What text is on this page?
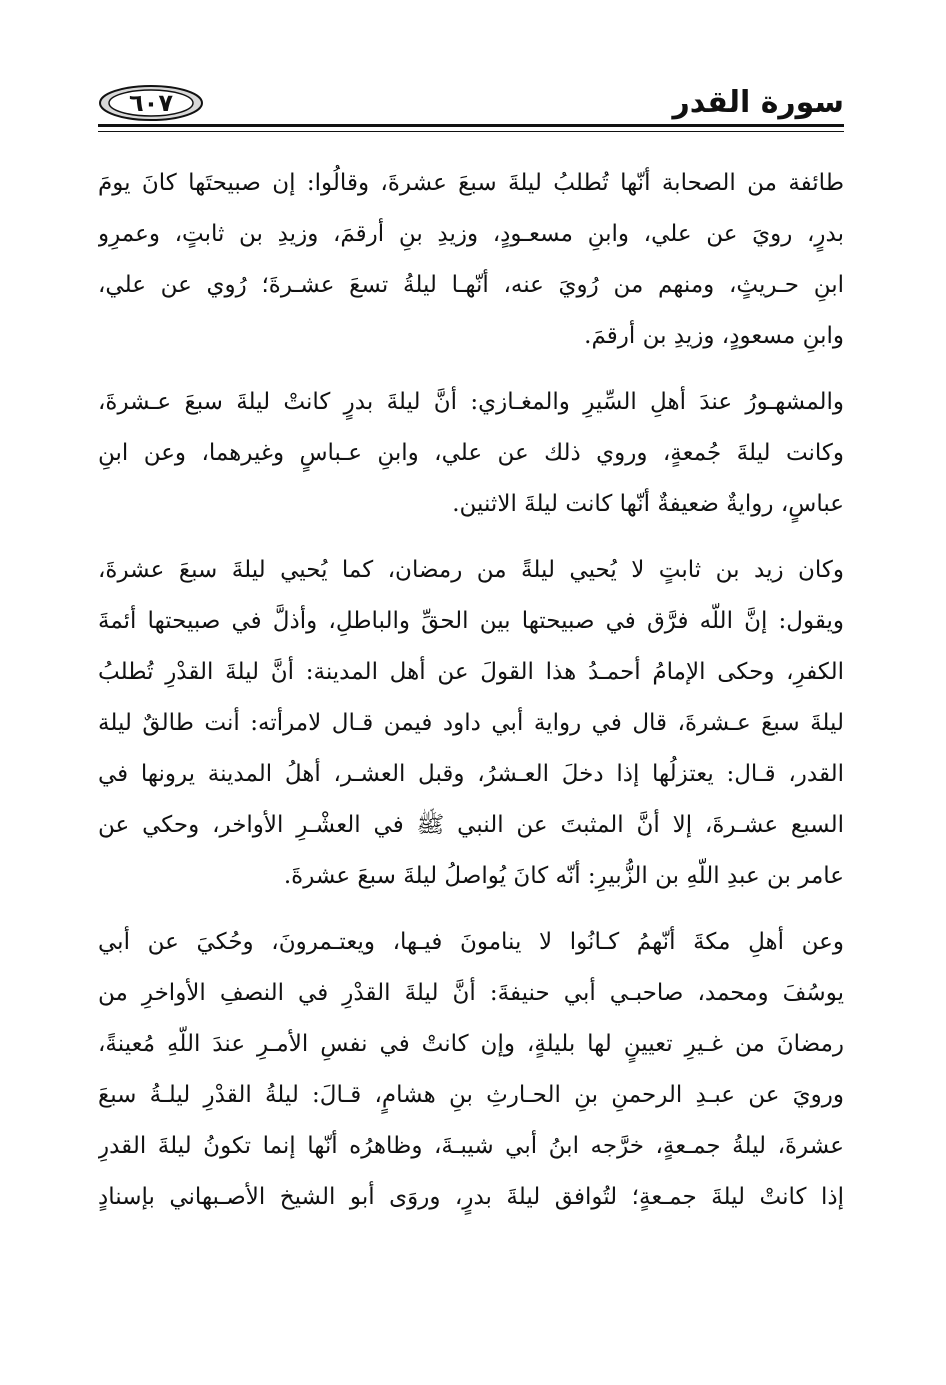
سورة القدر
٦٠٧
طائفة من الصحابة أنّها تُطلبُ ليلةَ سبعَ عشرةَ، وقالُوا: إن صبيحتَها كانَ يومَ
بدرٍ، رويَ عن علي، وابنِ مسعـودٍ، وزيدِ بنِ أرقمَ، وزيدِ بن ثابتٍ، وعمرِو
ابنِ حـريثٍ، ومنهم من رُويَ عنه، أنّهـا ليلةُ تسعَ عشـرةَ؛ رُوي عن علي،
وابنِ مسعودٍ، وزيدِ بن أرقمَ.
والمشهـورُ عندَ أهلِ السِّيرِ والمغـازي: أنَّ ليلةَ بدرٍ كانتْ ليلةَ سبعَ عـشرةَ،
وكانت ليلةَ جُمعةٍ، وروي ذلك عن علي، وابنِ عـباسٍ وغيرهما، وعن ابنِ
عباسٍ، روايةٌ ضعيفةٌ أنّها كانت ليلةَ الاثنين.
وكان زيد بن ثابتٍ لا يُحيي ليلةً من رمضان، كما يُحيي ليلةَ سبعَ عشرةَ،
ويقول: إنَّ اللّه فرَّق في صبيحتها بين الحقِّ والباطلِ، وأذلَّ في صبيحتها أئمةَ
الكفرِ، وحكى الإمامُ أحمـدُ هذا القولَ عن أهل المدينة: أنَّ ليلةَ القدْرِ تُطلبُ
ليلةَ سبعَ عـشرةَ، قال في رواية أبي داود فيمن قـال لامرأته: أنت طالقٌ ليلة
القدر، قـال: يعتزلُها إذا دخلَ العـشرُ، وقبل العشـر، أهلُ المدينة يرونها في
السبع عشـرةَ، إلا أنَّ المثبتَ عن النبي ﷺ في العشْـرِ الأواخر، وحكي عن
عامر بن عبدِ اللّهِ بن الزُّبيرِ: أنّه كانَ يُواصلُ ليلةَ سبعَ عشرةَ.
وعن أهلِ مكةَ أنّهمُ كـانُوا لا ينامونَ فيـها، ويعتـمرونَ، وحُكيَ عن أبي
يوسُفَ ومحمد، صاحبـي أبي حنيفةَ: أنَّ ليلةَ القدْرِ في النصفِ الأواخرِ من
رمضانَ من غـيرِ تعيينٍ لها بليلةٍ، وإن كانتْ في نفسِ الأمـرِ عندَ اللّهِ مُعينةً،
ورويَ عن عبـدِ الرحمنِ بنِ الحـارثِ بنِ هشامٍ، قـالَ: ليلةُ القدْرِ ليلـةُ سبعَ
عشرةَ، ليلةُ جمـعةٍ، خرَّجه ابنُ أبي شيبـةَ، وظاهرُه أنّها إنما تكونُ ليلةَ القدرِ
إذا كانتْ ليلةَ جمـعةٍ؛ لتُوافق ليلةَ بدرٍ، وروَى أبو الشيخ الأصـبهاني بإسنادٍ
